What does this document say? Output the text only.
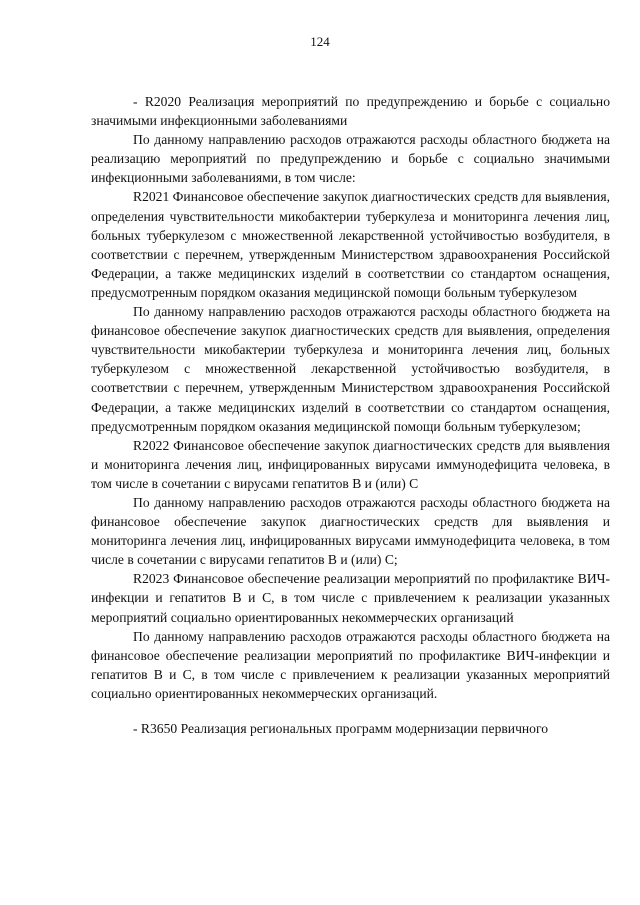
124

- R2020 Реализация мероприятий по предупреждению и борьбе с социально значимыми инфекционными заболеваниями

По данному направлению расходов отражаются расходы областного бюджета на реализацию мероприятий по предупреждению и борьбе с социально значимыми инфекционными заболеваниями, в том числе:

R2021 Финансовое обеспечение закупок диагностических средств для выявления, определения чувствительности микобактерии туберкулеза и мониторинга лечения лиц, больных туберкулезом с множественной лекарственной устойчивостью возбудителя, в соответствии с перечнем, утвержденным Министерством здравоохранения Российской Федерации, а также медицинских изделий в соответствии со стандартом оснащения, предусмотренным порядком оказания медицинской помощи больным туберкулезом

По данному направлению расходов отражаются расходы областного бюджета на финансовое обеспечение закупок диагностических средств для выявления, определения чувствительности микобактерии туберкулеза и мониторинга лечения лиц, больных туберкулезом с множественной лекарственной устойчивостью возбудителя, в соответствии с перечнем, утвержденным Министерством здравоохранения Российской Федерации, а также медицинских изделий в соответствии со стандартом оснащения, предусмотренным порядком оказания медицинской помощи больным туберкулезом;

R2022 Финансовое обеспечение закупок диагностических средств для выявления и мониторинга лечения лиц, инфицированных вирусами иммунодефицита человека, в том числе в сочетании с вирусами гепатитов B и (или) C

По данному направлению расходов отражаются расходы областного бюджета на финансовое обеспечение закупок диагностических средств для выявления и мониторинга лечения лиц, инфицированных вирусами иммунодефицита человека, в том числе в сочетании с вирусами гепатитов B и (или) C;

R2023 Финансовое обеспечение реализации мероприятий по профилактике ВИЧ-инфекции и гепатитов B и C, в том числе с привлечением к реализации указанных мероприятий социально ориентированных некоммерческих организаций

По данному направлению расходов отражаются расходы областного бюджета на финансовое обеспечение реализации мероприятий по профилактике ВИЧ-инфекции и гепатитов B и C, в том числе с привлечением к реализации указанных мероприятий социально ориентированных некоммерческих организаций.

- R3650 Реализация региональных программ модернизации первичного
